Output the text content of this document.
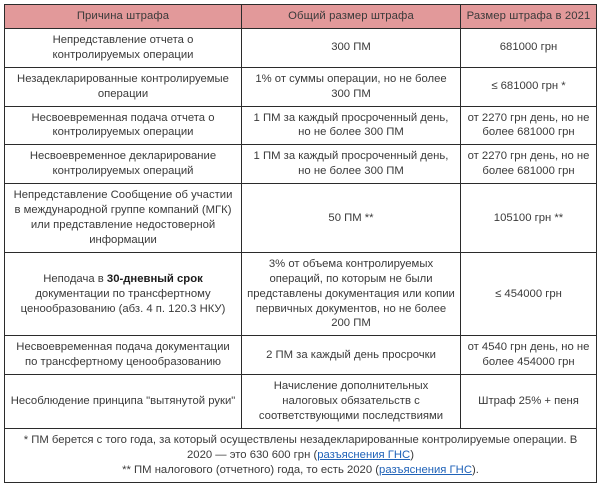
Причина штрафа	Общий размер штрафа	Размер штрафа в 2021
Непредставление отчета о контролируемых операции	300 ПМ	681000 грн
Незадекларированные контролируемые операции	1% от суммы операции, но не более 300 ПМ	≤ 681000 грн *
Несвоевременная подача отчета о контролируемых операции	1 ПМ за каждый просроченный день, но не более 300 ПМ	от 2270 грн день, но не более 681000 грн
Несвоевременное декларирование контролируемых операций	1 ПМ за каждый просроченный день, но не более 300 ПМ	от 2270 грн день, но не более 681000 грн
Непредставление Сообщение об участии в международной группе компаний (МГК) или представление недостоверной информации	50 ПМ **	105100 грн **
Неподача в 30-дневный срок документации по трансфертному ценообразованию (абз. 4 п. 120.3 НКУ)	3% от объема контролируемых операций, по которым не были представлены документация или копии первичных документов, но не более 200 ПМ	≤ 454000 грн
Несвоевременная подача документации по трансфертному ценообразованию	2 ПМ за каждый день просрочки	от 4540 грн день, но не более 454000 грн
Несоблюдение принципа "вытянутой руки"	Начисление дополнительных налоговых обязательств с соответствующими последствиями	Штраф 25% + пеня

* ПМ берется с того года, за который осуществлены незадекларированные контролируемые операции. В 2020 — это 630 600 грн (разъяснения ГНС)
** ПМ налогового (отчетного) года, то есть 2020 (разъяснения ГНС).		
